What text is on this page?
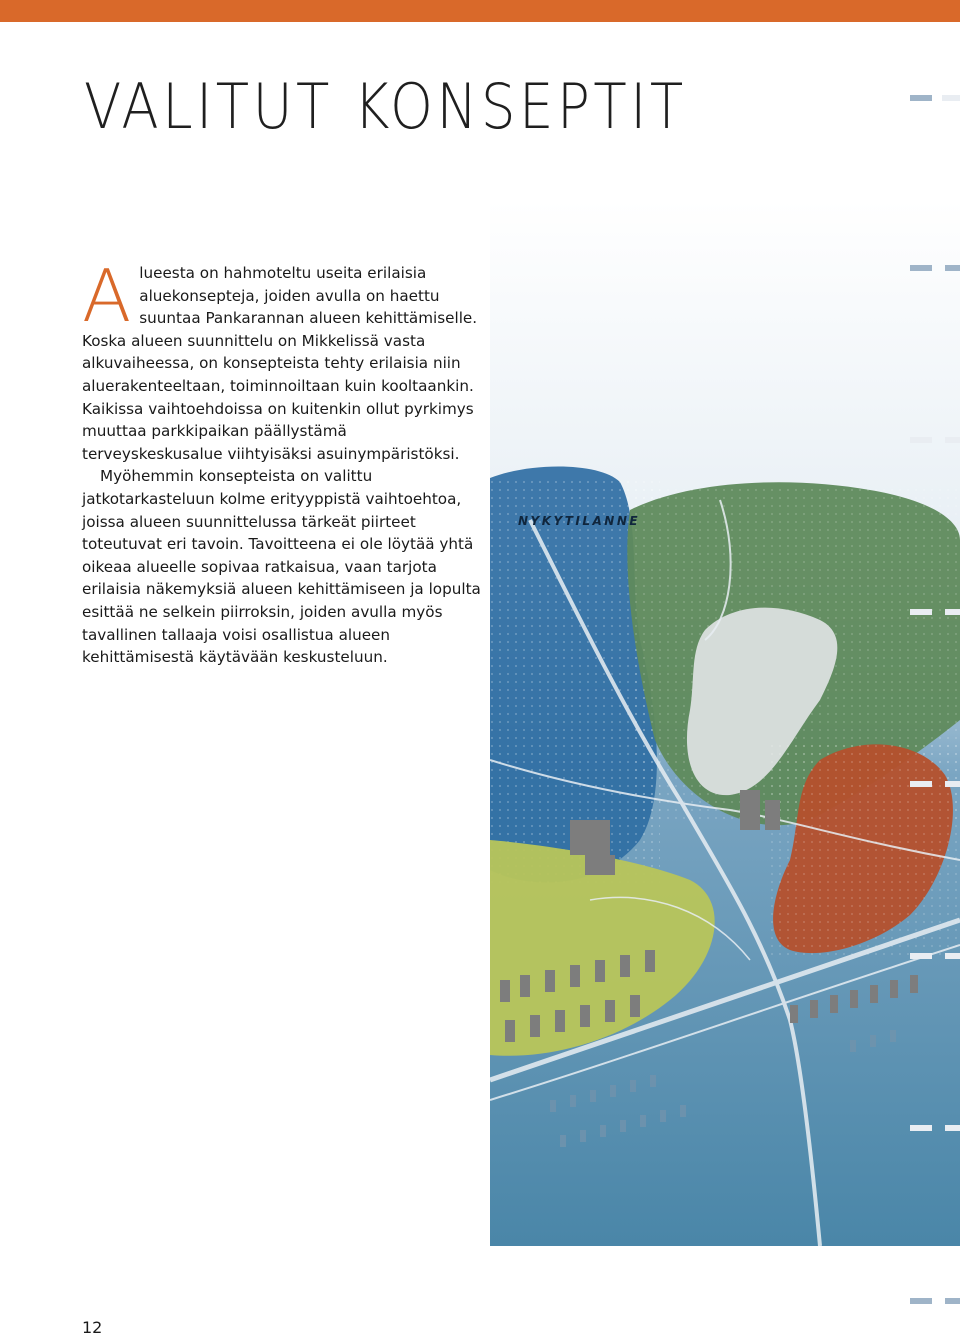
VALITUT KONSEPTIT

Alueesta on hahmoteltu useita erilaisia aluekonsepteja, joiden avulla on haettu suuntaa Pankarannan alueen kehittämiselle. Koska alueen suunnittelu on Mikkelissä vasta alkuvaiheessa, on konsepteista tehty erilaisia niin aluerakenteeltaan, toiminnoiltaan kuin kooltaankin. Kaikissa vaihtoehdoissa on kuitenkin ollut pyrkimys muuttaa parkkipaikan päällystämä terveyskeskusalue viihtyisäksi asuinympäristöksi.

Myöhemmin konsepteista on valittu jatkotarkasteluun kolme erityyppistä vaihtoehtoa, joissa alueen suunnittelussa tärkeät piirteet toteutuvat eri tavoin. Tavoitteena ei ole löytää yhtä oikeaa alueelle sopivaa ratkaisua, vaan tarjota erilaisia näkemyksiä alueen kehittämiseen ja lopulta esittää ne selkein piirroksin, joiden avulla myös tavallinen tallaaja voisi osallistua alueen kehittämisestä käytävään keskusteluun.

NYKYTILANNE
12
